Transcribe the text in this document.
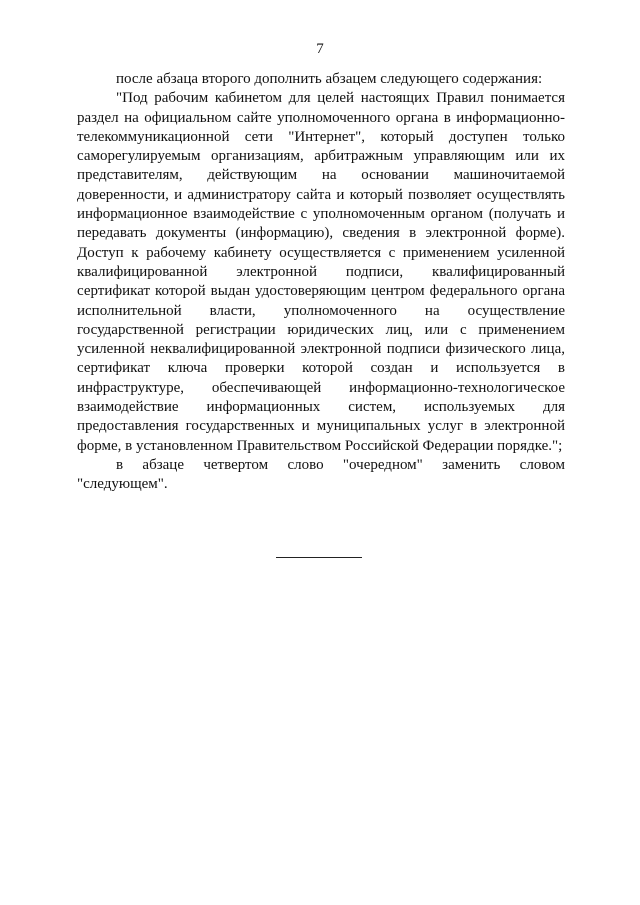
7

после абзаца второго дополнить абзацем следующего содержания:

"Под рабочим кабинетом для целей настоящих Правил понимается раздел на официальном сайте уполномоченного органа в информационно-телекоммуникационной сети "Интернет", который доступен только саморегулируемым организациям, арбитражным управляющим или их представителям, действующим на основании машиночитаемой доверенности, и администратору сайта и который позволяет осуществлять информационное взаимодействие с уполномоченным органом (получать и передавать документы (информацию), сведения в электронной форме). Доступ к рабочему кабинету осуществляется с применением усиленной квалифицированной электронной подписи, квалифицированный сертификат которой выдан удостоверяющим центром федерального органа исполнительной власти, уполномоченного на осуществление государственной регистрации юридических лиц, или с применением усиленной неквалифицированной электронной подписи физического лица, сертификат ключа проверки которой создан и используется в инфраструктуре, обеспечивающей информационно-технологическое взаимодействие информационных систем, используемых для предоставления государственных и муниципальных услуг в электронной форме, в установленном Правительством Российской Федерации порядке.";

в абзаце четвертом слово "очередном" заменить словом "следующем".
